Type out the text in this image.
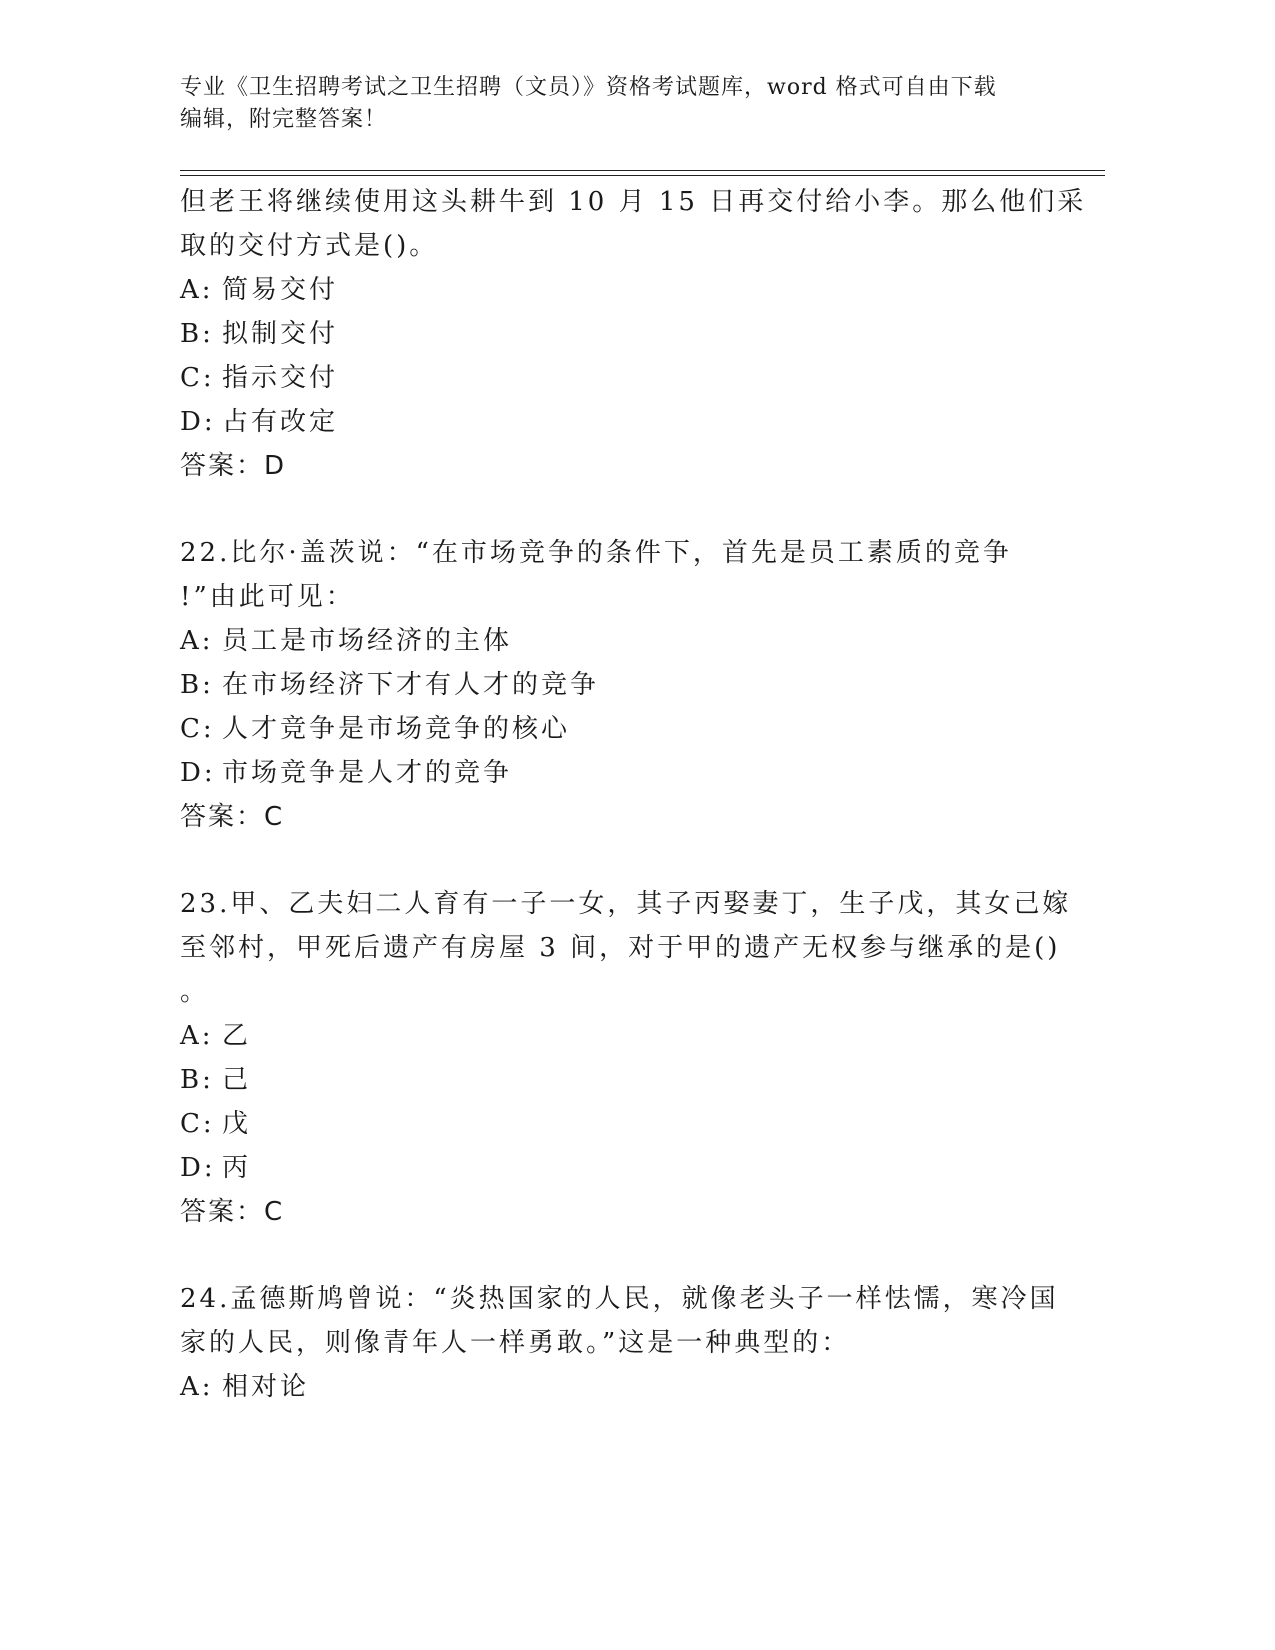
专业《卫生招聘考试之卫生招聘（文员）》资格考试题库，word 格式可自由下载
编辑，附完整答案！
但老王将继续使用这头耕牛到 10 月 15 日再交付给小李。那么他们采
取的交付方式是()。
A: 简易交付
B: 拟制交付
C: 指示交付
D: 占有改定
答案：D
22.比尔·盖茨说：“在市场竞争的条件下，首先是员工素质的竞争
!”由此可见：
A: 员工是市场经济的主体
B: 在市场经济下才有人才的竞争
C: 人才竞争是市场竞争的核心
D: 市场竞争是人才的竞争
答案：C
23.甲、乙夫妇二人育有一子一女，其子丙娶妻丁，生子戊，其女己嫁
至邻村，甲死后遗产有房屋 3 间，对于甲的遗产无权参与继承的是()
。
A: 乙
B: 己
C: 戊
D: 丙
答案：C
24.孟德斯鸠曾说：“炎热国家的人民，就像老头子一样怯懦，寒冷国
家的人民，则像青年人一样勇敢。”这是一种典型的：
A: 相对论
